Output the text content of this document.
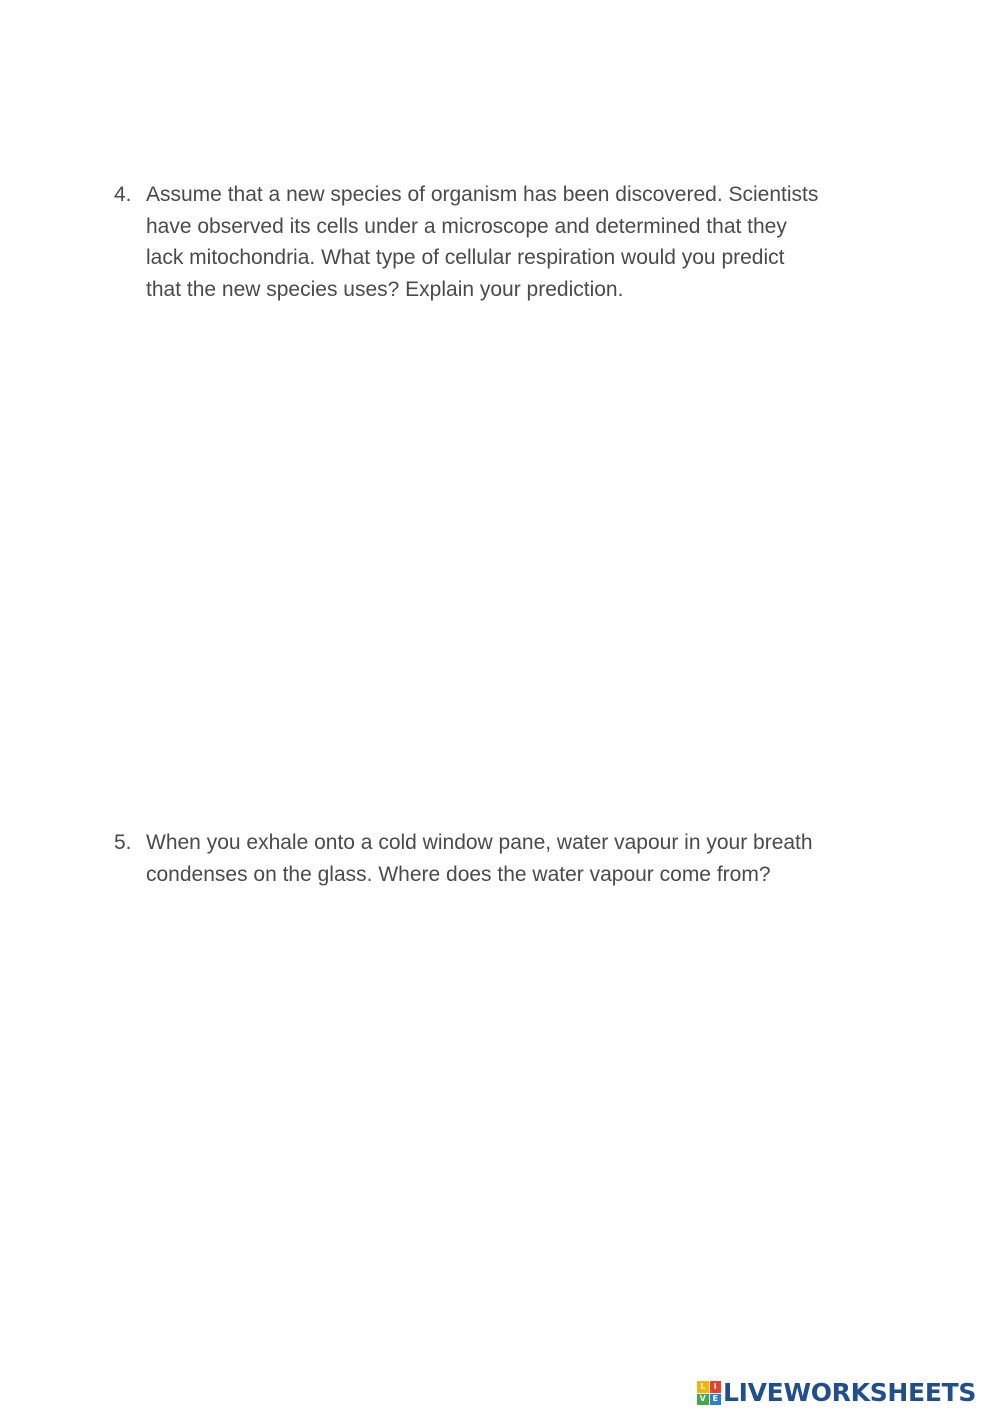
4. Assume that a new species of organism has been discovered. Scientists
have observed its cells under a microscope and determined that they
lack mitochondria. What type of cellular respiration would you predict
that the new species uses? Explain your prediction.
5. When you exhale onto a cold window pane, water vapour in your breath
condenses on the glass. Where does the water vapour come from?
L	I
V E LIVEWORKSHEETS
